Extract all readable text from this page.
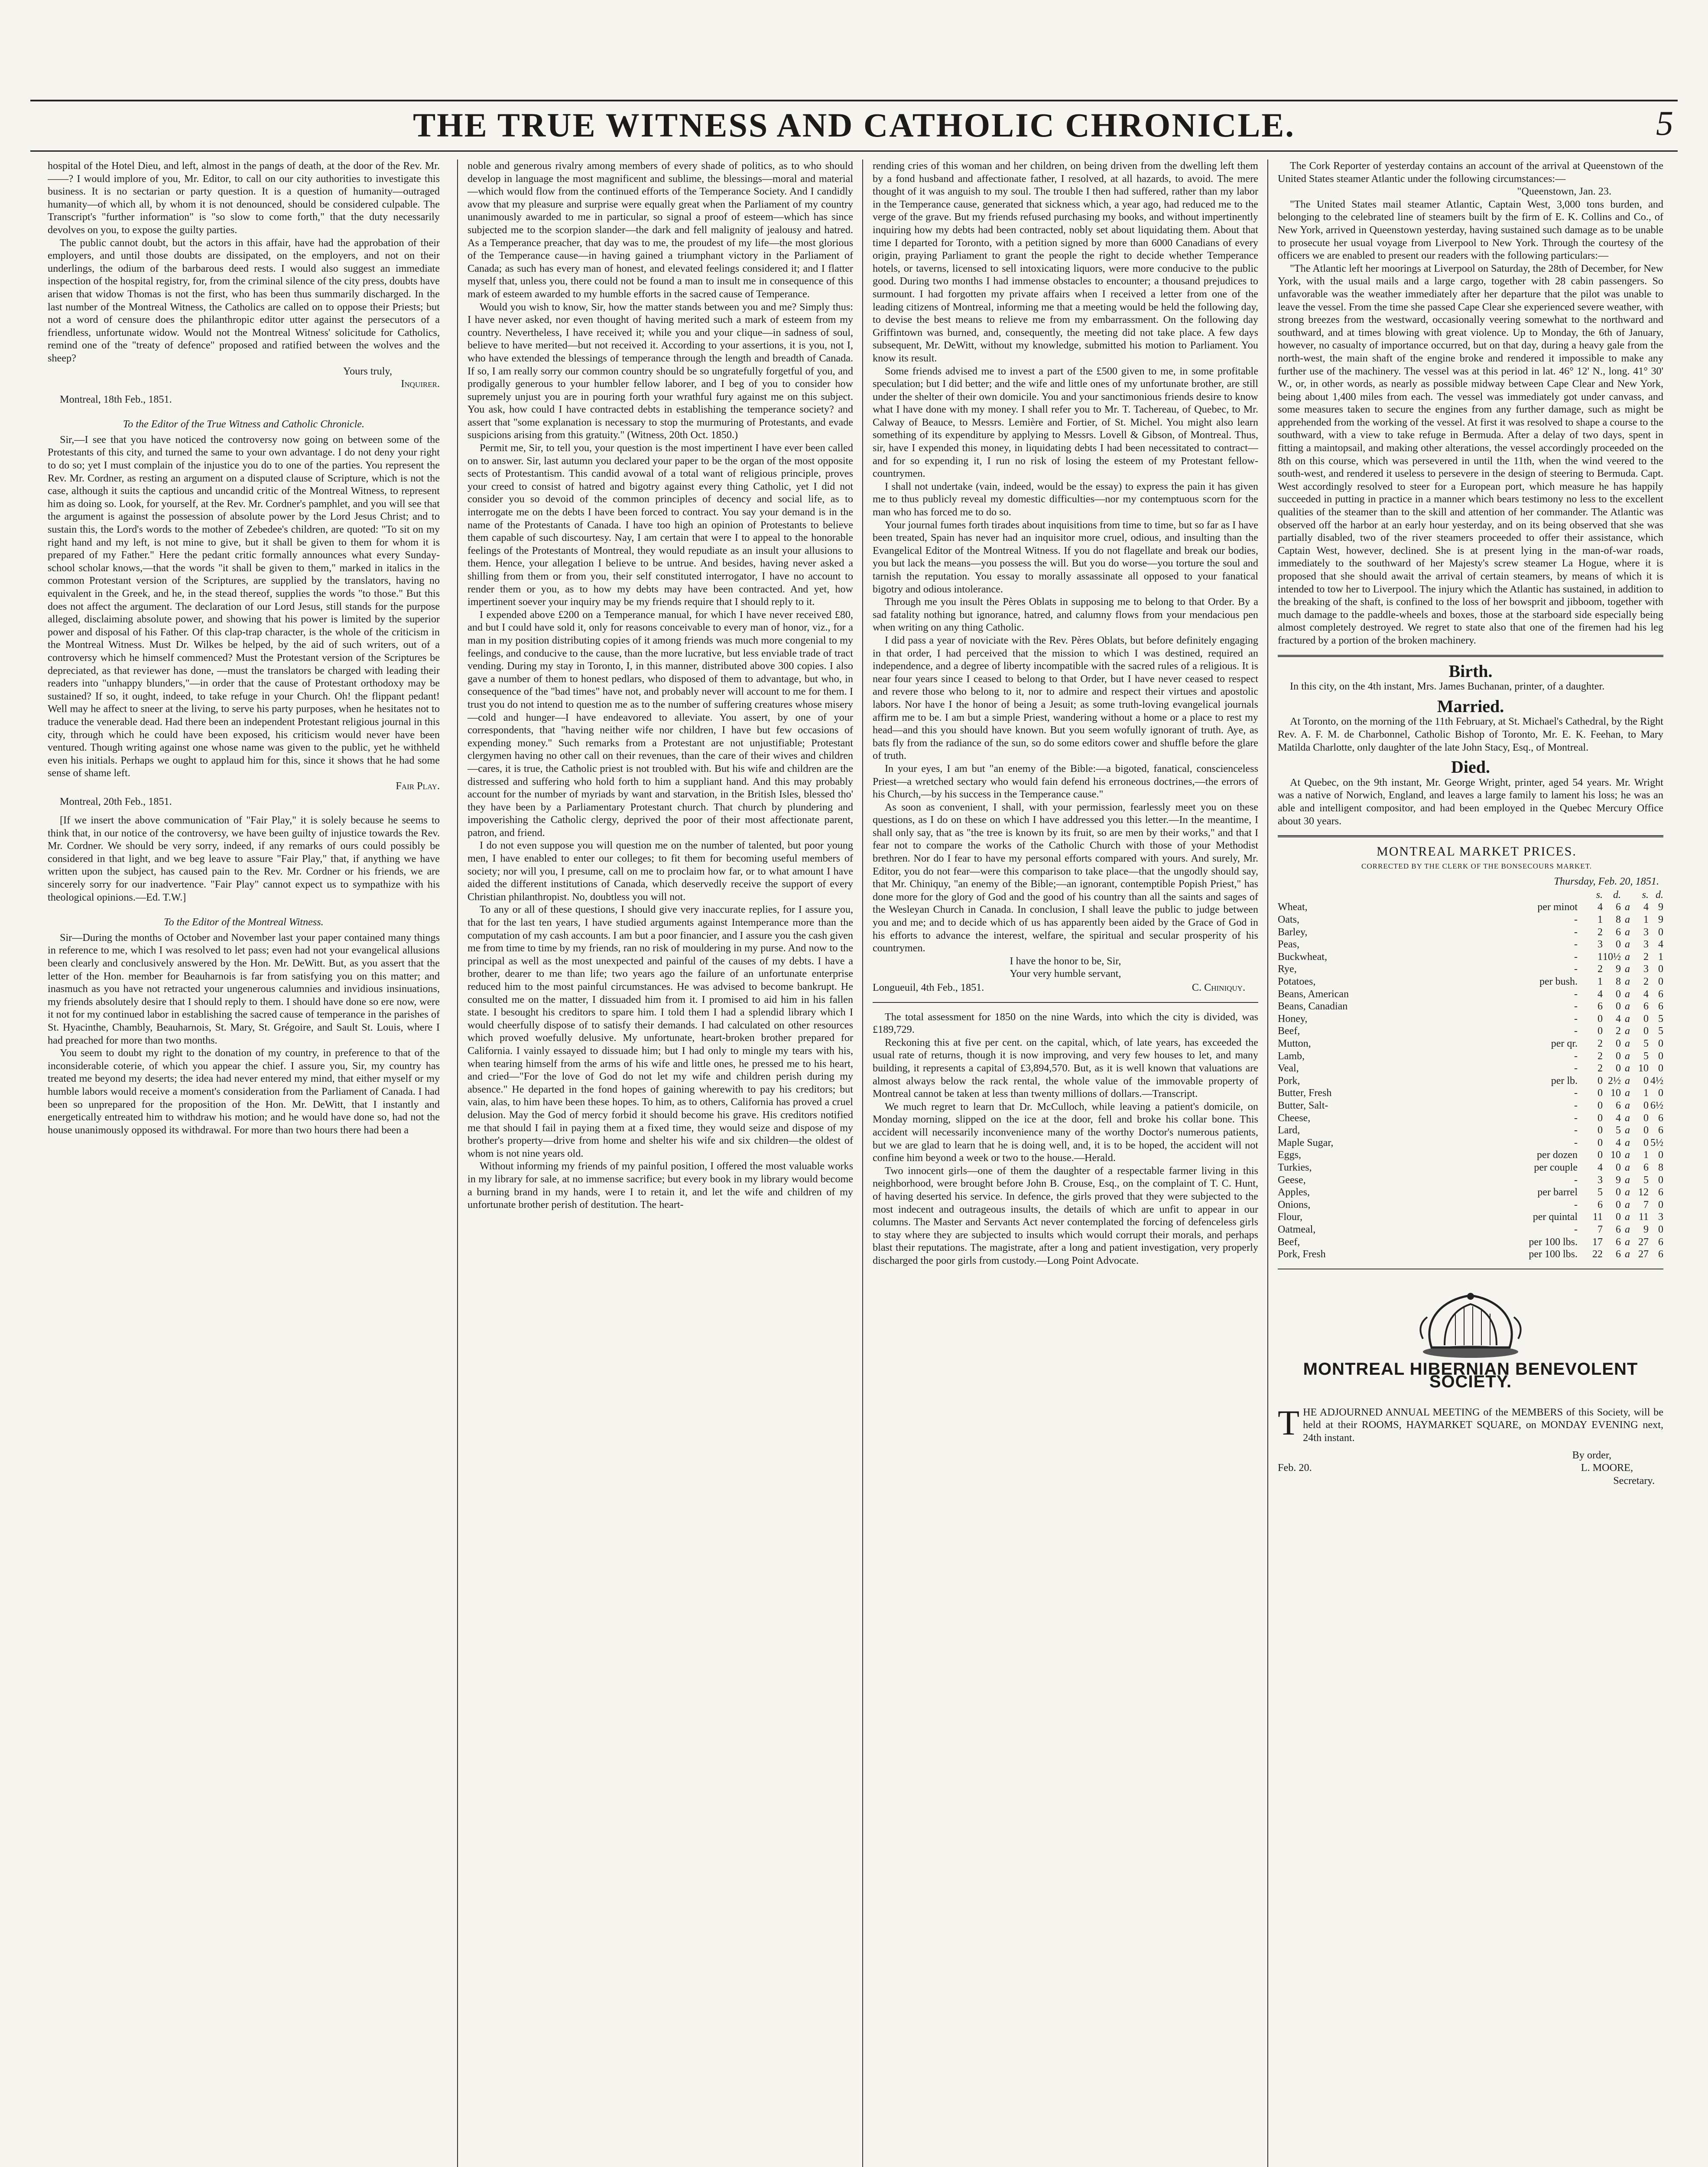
THE TRUE WITNESS AND CATHOLIC CHRONICLE.	5

hospital of the Hotel Dieu, and left, almost in the pangs of death, at the door of the Rev. Mr. ——? I would implore of you, Mr. Editor, to call on our city authorities to investigate this business. It is no sectarian or party question. It is a question of humanity—outraged humanity—of which all, by whom it is not denounced, should be considered culpable. The Transcript's "further information" is "so slow to come forth," that the duty necessarily devolves on you, to expose the guilty parties.

The public cannot doubt, but the actors in this affair, have had the approbation of their employers, and until those doubts are dissipated, on the employers, and not on their underlings, the odium of the barbarous deed rests. I would also suggest an immediate inspection of the hospital registry, for, from the criminal silence of the city press, doubts have arisen that widow Thomas is not the first, who has been thus summarily discharged. In the last number of the Montreal Witness, the Catholics are called on to oppose their Priests; but not a word of censure does the philanthropic editor utter against the persecutors of a friendless, unfortunate widow. Would not the Montreal Witness' solicitude for Catholics, remind one of the "treaty of defence" proposed and ratified between the wolves and the sheep?

Yours truly,

Inquirer.

Montreal, 18th Feb., 1851.

To the Editor of the True Witness and Catholic Chronicle.

Sir,—I see that you have noticed the controversy now going on between some of the Protestants of this city, and turned the same to your own advantage. I do not deny your right to do so; yet I must complain of the injustice you do to one of the parties. You represent the Rev. Mr. Cordner, as resting an argument on a disputed clause of Scripture, which is not the case, although it suits the captious and uncandid critic of the Montreal Witness, to represent him as doing so. Look, for yourself, at the Rev. Mr. Cordner's pamphlet, and you will see that the argument is against the possession of absolute power by the Lord Jesus Christ; and to sustain this, the Lord's words to the mother of Zebedee's children, are quoted: "To sit on my right hand and my left, is not mine to give, but it shall be given to them for whom it is prepared of my Father." Here the pedant critic formally announces what every Sunday-school scholar knows,—that the words "it shall be given to them," marked in italics in the common Protestant version of the Scriptures, are supplied by the translators, having no equivalent in the Greek, and he, in the stead thereof, supplies the words "to those." But this does not affect the argument. The declaration of our Lord Jesus, still stands for the purpose alleged, disclaiming absolute power, and showing that his power is limited by the superior power and disposal of his Father. Of this clap-trap character, is the whole of the criticism in the Montreal Witness. Must Dr. Wilkes be helped, by the aid of such writers, out of a controversy which he himself commenced? Must the Protestant version of the Scriptures be depreciated, as that reviewer has done, —must the translators be charged with leading their readers into "unhappy blunders,"—in order that the cause of Protestant orthodoxy may be sustained? If so, it ought, indeed, to take refuge in your Church. Oh! the flippant pedant! Well may he affect to sneer at the living, to serve his party purposes, when he hesitates not to traduce the venerable dead. Had there been an independent Protestant religious journal in this city, through which he could have been exposed, his criticism would never have been ventured. Though writing against one whose name was given to the public, yet he withheld even his initials. Perhaps we ought to applaud him for this, since it shows that he had some sense of shame left.

Fair Play.

Montreal, 20th Feb., 1851.

[If we insert the above communication of "Fair Play," it is solely because he seems to think that, in our notice of the controversy, we have been guilty of injustice towards the Rev. Mr. Cordner. We should be very sorry, indeed, if any remarks of ours could possibly be considered in that light, and we beg leave to assure "Fair Play," that, if anything we have written upon the subject, has caused pain to the Rev. Mr. Cordner or his friends, we are sincerely sorry for our inadvertence. "Fair Play" cannot expect us to sympathize with his theological opinions.—Ed. T.W.]

To the Editor of the Montreal Witness.

Sir—During the months of October and November last your paper contained many things in reference to me, which I was resolved to let pass; even had not your evangelical allusions been clearly and conclusively answered by the Hon. Mr. DeWitt. But, as you assert that the letter of the Hon. member for Beauharnois is far from satisfying you on this matter; and inasmuch as you have not retracted your ungenerous calumnies and invidious insinuations, my friends absolutely desire that I should reply to them. I should have done so ere now, were it not for my continued labor in establishing the sacred cause of temperance in the parishes of St. Hyacinthe, Chambly, Beauharnois, St. Mary, St. Grégoire, and Sault St. Louis, where I had preached for more than two months.

You seem to doubt my right to the donation of my country, in preference to that of the inconsiderable coterie, of which you appear the chief. I assure you, Sir, my country has treated me beyond my deserts; the idea had never entered my mind, that either myself or my humble labors would receive a moment's consideration from the Parliament of Canada. I had been so unprepared for the proposition of the Hon. Mr. DeWitt, that I instantly and energetically entreated him to withdraw his motion; and he would have done so, had not the house unanimously opposed its withdrawal. For more than two hours there had been a

noble and generous rivalry among members of every shade of politics, as to who should develop in language the most magnificent and sublime, the blessings—moral and material—which would flow from the continued efforts of the Temperance Society. And I candidly avow that my pleasure and surprise were equally great when the Parliament of my country unanimously awarded to me in particular, so signal a proof of esteem—which has since subjected me to the scorpion slander—the dark and fell malignity of jealousy and hatred. As a Temperance preacher, that day was to me, the proudest of my life—the most glorious of the Temperance cause—in having gained a triumphant victory in the Parliament of Canada; as such has every man of honest, and elevated feelings considered it; and I flatter myself that, unless you, there could not be found a man to insult me in consequence of this mark of esteem awarded to my humble efforts in the sacred cause of Temperance.

Would you wish to know, Sir, how the matter stands between you and me? Simply thus: I have never asked, nor even thought of having merited such a mark of esteem from my country. Nevertheless, I have received it; while you and your clique—in sadness of soul, believe to have merited—but not received it. According to your assertions, it is you, not I, who have extended the blessings of temperance through the length and breadth of Canada. If so, I am really sorry our common country should be so ungratefully forgetful of you, and prodigally generous to your humbler fellow laborer, and I beg of you to consider how supremely unjust you are in pouring forth your wrathful fury against me on this subject. You ask, how could I have contracted debts in establishing the temperance society? and assert that "some explanation is necessary to stop the murmuring of Protestants, and evade suspicions arising from this gratuity." (Witness, 20th Oct. 1850.)

Permit me, Sir, to tell you, your question is the most impertinent I have ever been called on to answer. Sir, last autumn you declared your paper to be the organ of the most opposite sects of Protestantism. This candid avowal of a total want of religious principle, proves your creed to consist of hatred and bigotry against every thing Catholic, yet I did not consider you so devoid of the common principles of decency and social life, as to interrogate me on the debts I have been forced to contract. You say your demand is in the name of the Protestants of Canada. I have too high an opinion of Protestants to believe them capable of such discourtesy. Nay, I am certain that were I to appeal to the honorable feelings of the Protestants of Montreal, they would repudiate as an insult your allusions to them. Hence, your allegation I believe to be untrue. And besides, having never asked a shilling from them or from you, their self constituted interrogator, I have no account to render them or you, as to how my debts may have been contracted. And yet, how impertinent soever your inquiry may be my friends require that I should reply to it.

I expended above £200 on a Temperance manual, for which I have never received £80, and but I could have sold it, only for reasons conceivable to every man of honor, viz., for a man in my position distributing copies of it among friends was much more congenial to my feelings, and conducive to the cause, than the more lucrative, but less enviable trade of tract vending. During my stay in Toronto, I, in this manner, distributed above 300 copies. I also gave a number of them to honest pedlars, who disposed of them to advantage, but who, in consequence of the "bad times" have not, and probably never will account to me for them. I trust you do not intend to question me as to the number of suffering creatures whose misery—cold and hunger—I have endeavored to alleviate. You assert, by one of your correspondents, that "having neither wife nor children, I have but few occasions of expending money." Such remarks from a Protestant are not unjustifiable; Protestant clergymen having no other call on their revenues, than the care of their wives and children—cares, it is true, the Catholic priest is not troubled with. But his wife and children are the distressed and suffering who hold forth to him a suppliant hand. And this may probably account for the number of myriads by want and starvation, in the British Isles, blessed tho' they have been by a Parliamentary Protestant church. That church by plundering and impoverishing the Catholic clergy, deprived the poor of their most affectionate parent, patron, and friend.

I do not even suppose you will question me on the number of talented, but poor young men, I have enabled to enter our colleges; to fit them for becoming useful members of society; nor will you, I presume, call on me to proclaim how far, or to what amount I have aided the different institutions of Canada, which deservedly receive the support of every Christian philanthropist. No, doubtless you will not.

To any or all of these questions, I should give very inaccurate replies, for I assure you, that for the last ten years, I have studied arguments against Intemperance more than the computation of my cash accounts. I am but a poor financier, and I assure you the cash given me from time to time by my friends, ran no risk of mouldering in my purse. And now to the principal as well as the most unexpected and painful of the causes of my debts. I have a brother, dearer to me than life; two years ago the failure of an unfortunate enterprise reduced him to the most painful circumstances. He was advised to become bankrupt. He consulted me on the matter, I dissuaded him from it. I promised to aid him in his fallen state. I besought his creditors to spare him. I told them I had a splendid library which I would cheerfully dispose of to satisfy their demands. I had calculated on other resources which proved woefully delusive. My unfortunate, heart-broken brother prepared for California. I vainly essayed to dissuade him; but I had only to mingle my tears with his, when tearing himself from the arms of his wife and little ones, he pressed me to his heart, and cried—"For the love of God do not let my wife and children perish during my absence." He departed in the fond hopes of gaining wherewith to pay his creditors; but vain, alas, to him have been these hopes. To him, as to others, California has proved a cruel delusion. May the God of mercy forbid it should become his grave. His creditors notified me that should I fail in paying them at a fixed time, they would seize and dispose of my brother's property—drive from home and shelter his wife and six children—the oldest of whom is not nine years old.

Without informing my friends of my painful position, I offered the most valuable works in my library for sale, at no immense sacrifice; but every book in my library would become a burning brand in my hands, were I to retain it, and let the wife and children of my unfortunate brother perish of destitution. The heart-

rending cries of this woman and her children, on being driven from the dwelling left them by a fond husband and affectionate father, I resolved, at all hazards, to avoid. The mere thought of it was anguish to my soul. The trouble I then had suffered, rather than my labor in the Temperance cause, generated that sickness which, a year ago, had reduced me to the verge of the grave. But my friends refused purchasing my books, and without impertinently inquiring how my debts had been contracted, nobly set about liquidating them. About that time I departed for Toronto, with a petition signed by more than 6000 Canadians of every origin, praying Parliament to grant the people the right to decide whether Temperance hotels, or taverns, licensed to sell intoxicating liquors, were more conducive to the public good. During two months I had immense obstacles to encounter; a thousand prejudices to surmount. I had forgotten my private affairs when I received a letter from one of the leading citizens of Montreal, informing me that a meeting would be held the following day, to devise the best means to relieve me from my embarrassment. On the following day Griffintown was burned, and, consequently, the meeting did not take place. A few days subsequent, Mr. DeWitt, without my knowledge, submitted his motion to Parliament. You know its result.

Some friends advised me to invest a part of the £500 given to me, in some profitable speculation; but I did better; and the wife and little ones of my unfortunate brother, are still under the shelter of their own domicile. You and your sanctimonious friends desire to know what I have done with my money. I shall refer you to Mr. T. Tachereau, of Quebec, to Mr. Calway of Beauce, to Messrs. Lemière and Fortier, of St. Michel. You might also learn something of its expenditure by applying to Messrs. Lovell & Gibson, of Montreal. Thus, sir, have I expended this money, in liquidating debts I had been necessitated to contract—and for so expending it, I run no risk of losing the esteem of my Protestant fellow-countrymen.

I shall not undertake (vain, indeed, would be the essay) to express the pain it has given me to thus publicly reveal my domestic difficulties—nor my contemptuous scorn for the man who has forced me to do so.

Your journal fumes forth tirades about inquisitions from time to time, but so far as I have been treated, Spain has never had an inquisitor more cruel, odious, and insulting than the Evangelical Editor of the Montreal Witness. If you do not flagellate and break our bodies, you but lack the means—you possess the will. But you do worse—you torture the soul and tarnish the reputation. You essay to morally assassinate all opposed to your fanatical bigotry and odious intolerance.

Through me you insult the Pères Oblats in supposing me to belong to that Order. By a sad fatality nothing but ignorance, hatred, and calumny flows from your mendacious pen when writing on any thing Catholic.

I did pass a year of noviciate with the Rev. Pères Oblats, but before definitely engaging in that order, I had perceived that the mission to which I was destined, required an independence, and a degree of liberty incompatible with the sacred rules of a religious. It is near four years since I ceased to belong to that Order, but I have never ceased to respect and revere those who belong to it, nor to admire and respect their virtues and apostolic labors. Nor have I the honor of being a Jesuit; as some truth-loving evangelical journals affirm me to be. I am but a simple Priest, wandering without a home or a place to rest my head—and this you should have known. But you seem wofully ignorant of truth. Aye, as bats fly from the radiance of the sun, so do some editors cower and shuffle before the glare of truth.

In your eyes, I am but "an enemy of the Bible:—a bigoted, fanatical, conscienceless Priest—a wretched sectary who would fain defend his erroneous doctrines,—the errors of his Church,—by his success in the Temperance cause."

As soon as convenient, I shall, with your permission, fearlessly meet you on these questions, as I do on these on which I have addressed you this letter.—In the meantime, I shall only say, that as "the tree is known by its fruit, so are men by their works," and that I fear not to compare the works of the Catholic Church with those of your Methodist brethren. Nor do I fear to have my personal efforts compared with yours. And surely, Mr. Editor, you do not fear—were this comparison to take place—that the ungodly should say, that Mr. Chiniquy, "an enemy of the Bible;—an ignorant, contemptible Popish Priest," has done more for the glory of God and the good of his country than all the saints and sages of the Wesleyan Church in Canada. In conclusion, I shall leave the public to judge between you and me; and to decide which of us has apparently been aided by the Grace of God in his efforts to advance the interest, welfare, the spiritual and secular prosperity of his countrymen.

I have the honor to be, Sir,

Your very humble servant,

Longueuil, 4th Feb., 1851.	C. Chiniquy.

The total assessment for 1850 on the nine Wards, into which the city is divided, was £189,729.

Reckoning this at five per cent. on the capital, which, of late years, has exceeded the usual rate of returns, though it is now improving, and very few houses to let, and many building, it represents a capital of £3,894,570. But, as it is well known that valuations are almost always below the rack rental, the whole value of the immovable property of Montreal cannot be taken at less than twenty millions of dollars.—Transcript.

We much regret to learn that Dr. McCulloch, while leaving a patient's domicile, on Monday morning, slipped on the ice at the door, fell and broke his collar bone. This accident will necessarily inconvenience many of the worthy Doctor's numerous patients, but we are glad to learn that he is doing well, and, it is to be hoped, the accident will not confine him beyond a week or two to the house.—Herald.

Two innocent girls—one of them the daughter of a respectable farmer living in this neighborhood, were brought before John B. Crouse, Esq., on the complaint of T. C. Hunt, of having deserted his service. In defence, the girls proved that they were subjected to the most indecent and outrageous insults, the details of which are unfit to appear in our columns. The Master and Servants Act never contemplated the forcing of defenceless girls to stay where they are subjected to insults which would corrupt their morals, and perhaps blast their reputations. The magistrate, after a long and patient investigation, very properly discharged the poor girls from custody.—Long Point Advocate.

The Cork Reporter of yesterday contains an account of the arrival at Queenstown of the United States steamer Atlantic under the following circumstances:—

"Queenstown, Jan. 23.

"The United States mail steamer Atlantic, Captain West, 3,000 tons burden, and belonging to the celebrated line of steamers built by the firm of E. K. Collins and Co., of New York, arrived in Queenstown yesterday, having sustained such damage as to be unable to prosecute her usual voyage from Liverpool to New York. Through the courtesy of the officers we are enabled to present our readers with the following particulars:—

"The Atlantic left her moorings at Liverpool on Saturday, the 28th of December, for New York, with the usual mails and a large cargo, together with 28 cabin passengers. So unfavorable was the weather immediately after her departure that the pilot was unable to leave the vessel. From the time she passed Cape Clear she experienced severe weather, with strong breezes from the westward, occasionally veering somewhat to the northward and southward, and at times blowing with great violence. Up to Monday, the 6th of January, however, no casualty of importance occurred, but on that day, during a heavy gale from the north-west, the main shaft of the engine broke and rendered it impossible to make any further use of the machinery. The vessel was at this period in lat. 46° 12' N., long. 41° 30' W., or, in other words, as nearly as possible midway between Cape Clear and New York, being about 1,400 miles from each. The vessel was immediately got under canvass, and some measures taken to secure the engines from any further damage, such as might be apprehended from the working of the vessel. At first it was resolved to shape a course to the southward, with a view to take refuge in Bermuda. After a delay of two days, spent in fitting a maintopsail, and making other alterations, the vessel accordingly proceeded on the 8th on this course, which was persevered in until the 11th, when the wind veered to the south-west, and rendered it useless to persevere in the design of steering to Bermuda. Capt. West accordingly resolved to steer for a European port, which measure he has happily succeeded in putting in practice in a manner which bears testimony no less to the excellent qualities of the steamer than to the skill and attention of her commander. The Atlantic was observed off the harbor at an early hour yesterday, and on its being observed that she was partially disabled, two of the river steamers proceeded to offer their assistance, which Captain West, however, declined. She is at present lying in the man-of-war roads, immediately to the southward of her Majesty's screw steamer La Hogue, where it is proposed that she should await the arrival of certain steamers, by means of which it is intended to tow her to Liverpool. The injury which the Atlantic has sustained, in addition to the breaking of the shaft, is confined to the loss of her bowsprit and jibboom, together with much damage to the paddle-wheels and boxes, those at the starboard side especially being almost completely destroyed. We regret to state also that one of the firemen had his leg fractured by a portion of the broken machinery.

Birth.

In this city, on the 4th instant, Mrs. James Buchanan, printer, of a daughter.

Married.

At Toronto, on the morning of the 11th February, at St. Michael's Cathedral, by the Right Rev. A. F. M. de Charbonnel, Catholic Bishop of Toronto, Mr. E. K. Feehan, to Mary Matilda Charlotte, only daughter of the late John Stacy, Esq., of Montreal.

Died.

At Quebec, on the 9th instant, Mr. George Wright, printer, aged 54 years. Mr. Wright was a native of Norwich, England, and leaves a large family to lament his loss; he was an able and intelligent compositor, and had been employed in the Quebec Mercury Office about 30 years.

MONTREAL MARKET PRICES.

CORRECTED BY THE CLERK OF THE BONSECOURS MARKET.

Thursday, Feb. 20, 1851.

		s.	d.		s.	d.
Wheat,	per minot	4	6	a	4	9
Oats,	-	1	8	a	1	9
Barley,	-	2	6	a	3	0
Peas,	-	3	0	a	3	4
Buckwheat,	-	1	10½	a	2	1
Rye,	-	2	9	a	3	0
Potatoes,	per bush.	1	8	a	2	0
Beans, American	-	4	0	a	4	6
Beans, Canadian	-	6	0	a	6	6
Honey,	-	0	4	a	0	5
Beef,	-	0	2	a	0	5
Mutton,	per qr.	2	0	a	5	0
Lamb,	-	2	0	a	5	0
Veal,	-	2	0	a	10	0
Pork,	per lb.	0	2½	a	0	4½
Butter, Fresh	-	0	10	a	1	0
Butter, Salt-	-	0	6	a	0	6½
Cheese,	-	0	4	a	0	6
Lard,	-	0	5	a	0	6
Maple Sugar,	-	0	4	a	0	5½
Eggs,	per dozen	0	10	a	1	0
Turkies,	per couple	4	0	a	6	8
Geese,	-	3	9	a	5	0
Apples,	per barrel	5	0	a	12	6
Onions,	-	6	0	a	7	0
Flour,	per quintal	11	0	a	11	3
Oatmeal,	-	7	6	a	9	0
Beef,	per 100 lbs.	17	6	a	27	6
Pork, Fresh	per 100 lbs.	22	6	a	27	6

MONTREAL HIBERNIAN BENEVOLENT SOCIETY.

THE ADJOURNED ANNUAL MEETING of the MEMBERS of this Society, will be held at their ROOMS, HAYMARKET SQUARE, on MONDAY EVENING next, 24th instant.

By order,

Feb. 20.	L. MOORE,

Secretary.
